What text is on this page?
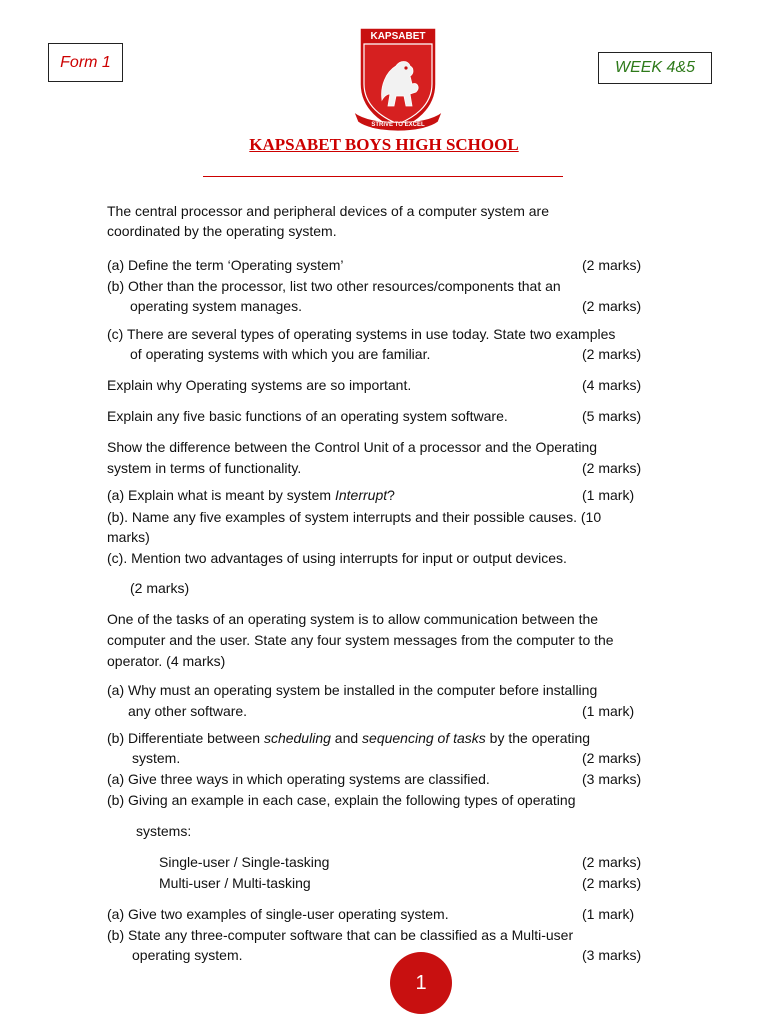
Form 1	WEEK 4&5
KAPSABET
STRIVE TO EXCEL
KAPSABET BOYS HIGH SCHOOL
The central processor and peripheral devices of a computer system are
coordinated by the operating system.
(a) Define the term ‘Operating system’	(2 marks)
(b) Other than the processor, list two other resources/components that an
operating system manages.	(2 marks)
(c) There are several types of operating systems in use today. State two examples
of operating systems with which you are familiar.	(2 marks)
Explain why Operating systems are so important.	(4 marks)
Explain any five basic functions of an operating system software.	(5 marks)
Show the difference between the Control Unit of a processor and the Operating
system in terms of functionality.	(2 marks)
(a) Explain what is meant by system Interrupt?	(1 mark)
(b). Name any five examples of system interrupts and their possible causes. (10
marks)
(c). Mention two advantages of using interrupts for input or output devices.
(2 marks)
One of the tasks of an operating system is to allow communication between the
computer and the user. State any four system messages from the computer to the
operator. (4 marks)
(a) Why must an operating system be installed in the computer before installing
any other software.	(1 mark)
(b) Differentiate between scheduling and sequencing of tasks by the operating
system.	(2 marks)
(a) Give three ways in which operating systems are classified.	(3 marks)
(b) Giving an example in each case, explain the following types of operating
systems:
Single-user / Single-tasking	(2 marks)
Multi-user / Multi-tasking	(2 marks)
(a) Give two examples of single-user operating system.	(1 mark)
(b) State any three-computer software that can be classified as a Multi-user
operating system.	(3 marks)
1
